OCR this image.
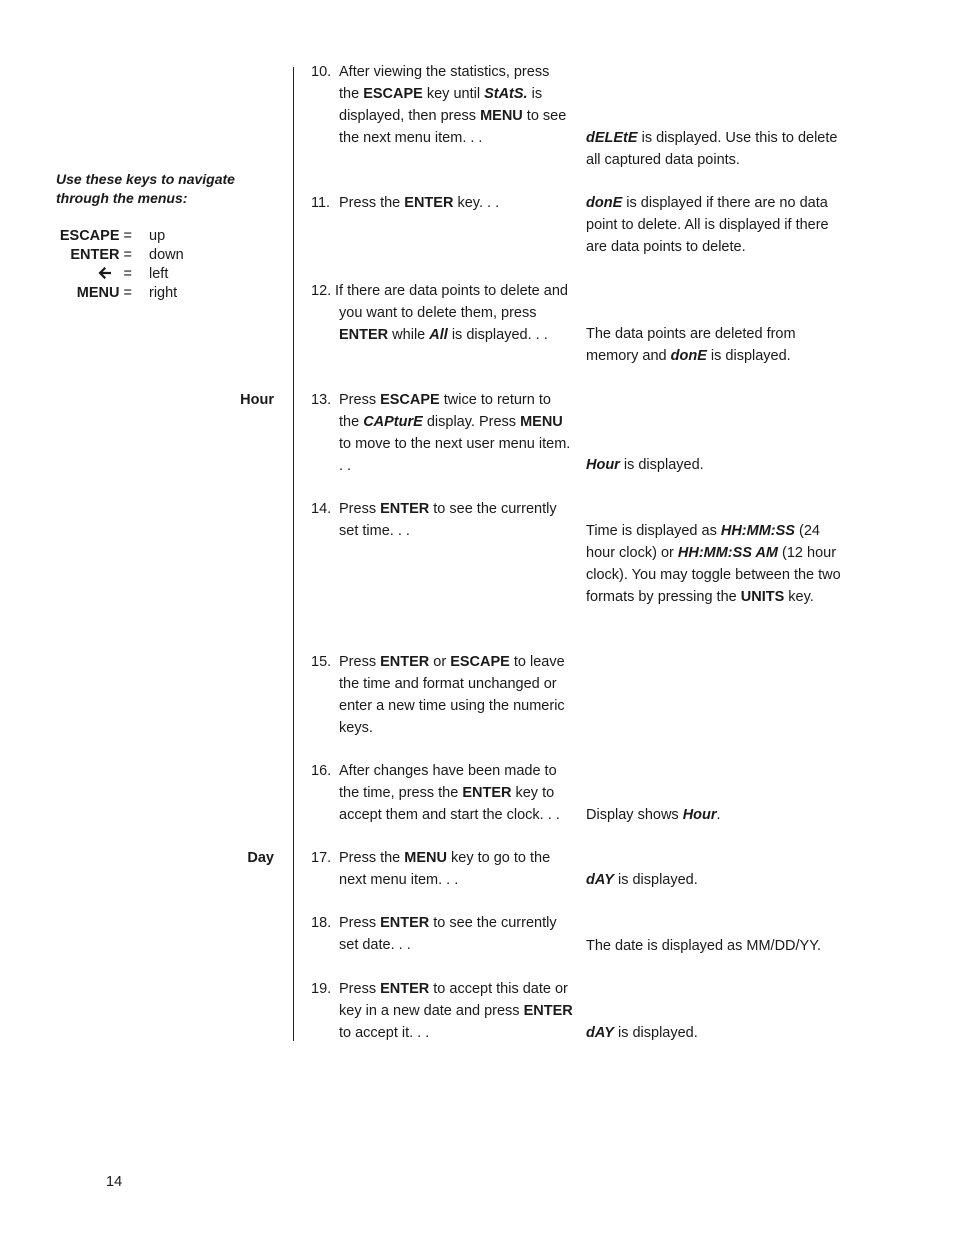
Use these keys to navigate
through the menus:
ESCAPE = up
ENTER = down
= left
MENU = right
Hour
Day
10. After viewing the statistics, press the ESCAPE key until StAtS. is displayed, then press MENU to see the next menu item. . .
11. Press the ENTER key. . .
12. If there are data points to delete and you want to delete them, press ENTER while All is displayed. . .
13. Press ESCAPE twice to return to the CAPturE display. Press MENU to move to the next user menu item. . .
14. Press ENTER to see the currently set time. . .
15. Press ENTER or ESCAPE to leave the time and format unchanged or enter a new time using the numeric keys.
16. After changes have been made to the time, press the ENTER key to accept them and start the clock. . .
17. Press the MENU key to go to the next menu item. . .
18. Press ENTER to see the currently set date. . .
19. Press ENTER to accept this date or key in a new date and press ENTER to accept it. . .
dELEtE is displayed. Use this to delete all captured data points.
donE is displayed if there are no data point to delete. All is displayed if there are data points to delete.
The data points are deleted from memory and donE is displayed.
Hour is displayed.
Time is displayed as HH:MM:SS (24 hour clock) or HH:MM:SS AM (12 hour clock). You may toggle between the two formats by pressing the UNITS key.
Display shows Hour.
dAY is displayed.
The date is displayed as MM/DD/YY.
dAY is displayed.
14
